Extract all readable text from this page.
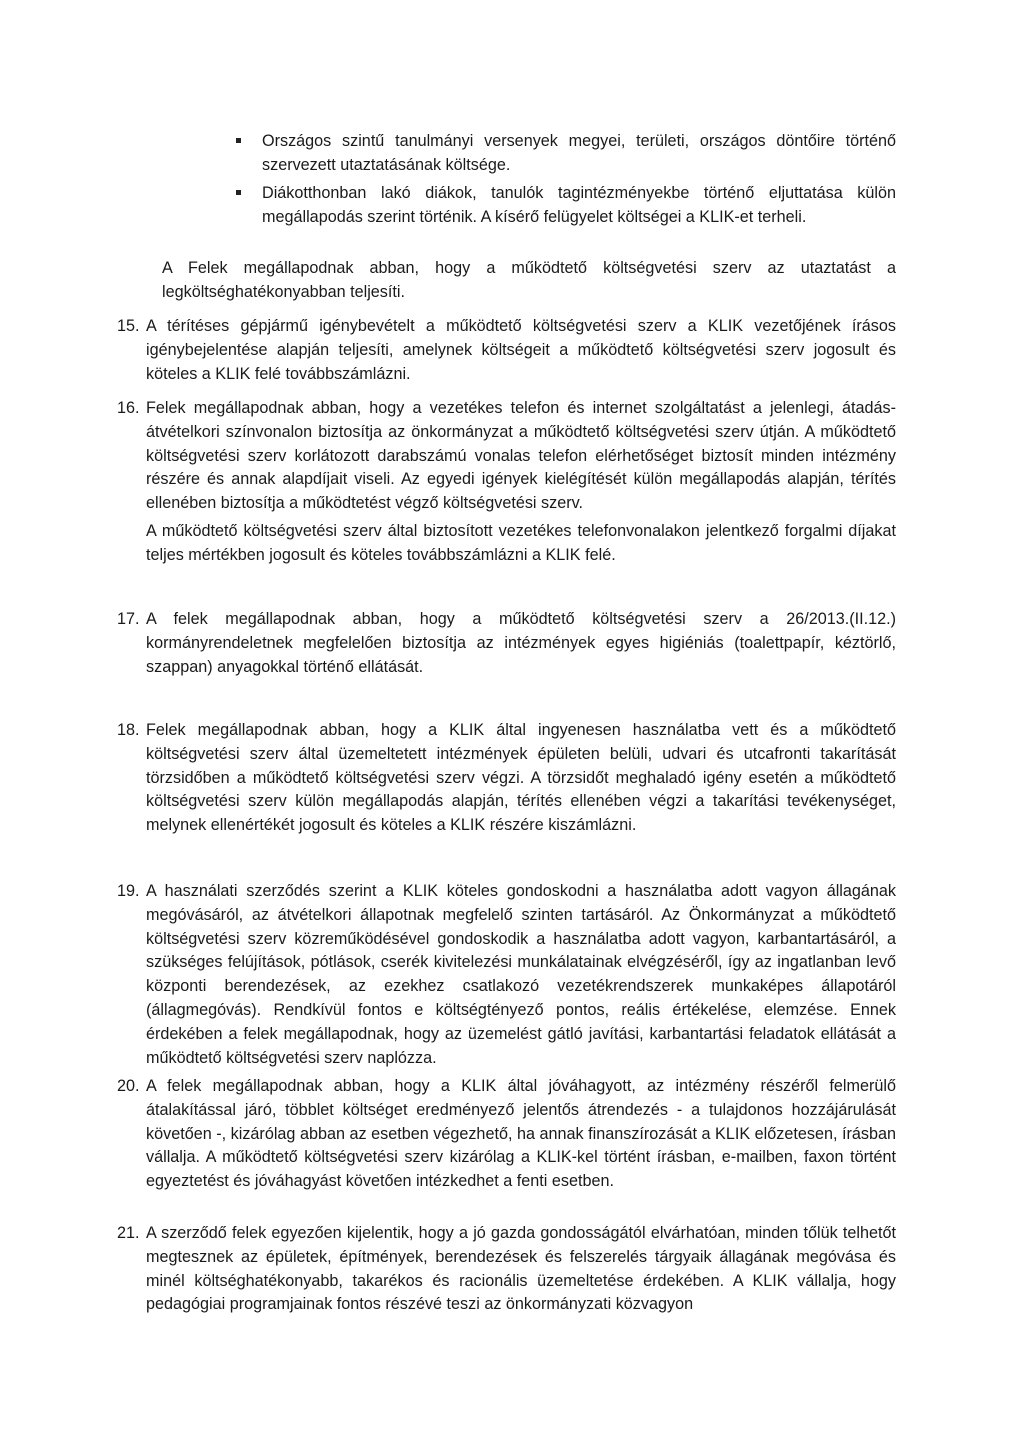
Országos szintű tanulmányi versenyek megyei, területi, országos döntőire történő szervezett utaztatásának költsége.
Diákotthonban lakó diákok, tanulók tagintézményekbe történő eljuttatása külön megállapodás szerint történik. A kísérő felügyelet költségei a KLIK-et terheli.
A Felek megállapodnak abban, hogy a működtető költségvetési szerv az utaztatást a legköltséghatékonyabban teljesíti.
15. A térítéses gépjármű igénybevételt a működtető költségvetési szerv a KLIK vezetőjének írásos igénybejelentése alapján teljesíti, amelynek költségeit a működtető költségvetési szerv jogosult és köteles a KLIK felé továbbszámlázni.
16. Felek megállapodnak abban, hogy a vezetékes telefon és internet szolgáltatást a jelenlegi, átadás-átvételkori színvonalon biztosítja az önkormányzat a működtető költségvetési szerv útján. A működtető költségvetési szerv korlátozott darabszámú vonalas telefon elérhetőséget biztosít minden intézmény részére és annak alapdíjait viseli. Az egyedi igények kielégítését külön megállapodás alapján, térítés ellenében biztosítja a működtetést végző költségvetési szerv.
A működtető költségvetési szerv által biztosított vezetékes telefonvonalakon jelentkező forgalmi díjakat teljes mértékben jogosult és köteles továbbszámlázni a KLIK felé.
17. A felek megállapodnak abban, hogy a működtető költségvetési szerv a 26/2013.(II.12.) kormányrendeletnek megfelelően biztosítja az intézmények egyes higiéniás (toalettpapír, kéztörlő, szappan) anyagokkal történő ellátását.
18. Felek megállapodnak abban, hogy a KLIK által ingyenesen használatba vett és a működtető költségvetési szerv által üzemeltetett intézmények épületen belüli, udvari és utcafronti takarítását törzsidőben a működtető költségvetési szerv végzi. A törzsidőt meghaladó igény esetén a működtető költségvetési szerv külön megállapodás alapján, térítés ellenében végzi a takarítási tevékenységet, melynek ellenértékét jogosult és köteles a KLIK részére kiszámlázni.
19. A használati szerződés szerint a KLIK köteles gondoskodni a használatba adott vagyon állagának megóvásáról, az átvételkori állapotnak megfelelő szinten tartásáról. Az Önkormányzat a működtető költségvetési szerv közreműködésével gondoskodik a használatba adott vagyon, karbantartásáról, a szükséges felújítások, pótlások, cserék kivitelezési munkálatainak elvégzéséről, így az ingatlanban levő központi berendezések, az ezekhez csatlakozó vezetékrendszerek munkaképes állapotáról (állagmegóvás). Rendkívül fontos e költségtényező pontos, reális értékelése, elemzése. Ennek érdekében a felek megállapodnak, hogy az üzemelést gátló javítási, karbantartási feladatok ellátását a működtető költségvetési szerv naplózza.
20. A felek megállapodnak abban, hogy a KLIK által jóváhagyott, az intézmény részéről felmerülő átalakítással járó, többlet költséget eredményező jelentős átrendezés - a tulajdonos hozzájárulását követően -, kizárólag abban az esetben végezhető, ha annak finanszírozását a KLIK előzetesen, írásban vállalja. A működtető költségvetési szerv kizárólag a KLIK-kel történt írásban, e-mailben, faxon történt egyeztetést és jóváhagyást követően intézkedhet a fenti esetben.
21. A szerződő felek egyezően kijelentik, hogy a jó gazda gondosságától elvárhatóan, minden tőlük telhetőt megtesznek az épületek, építmények, berendezések és felszerelés tárgyaik állagának megóvása és minél költséghatékonyabb, takarékos és racionális üzemeltetése érdekében. A KLIK vállalja, hogy pedagógiai programjainak fontos részévé teszi az önkormányzati közvagyon
